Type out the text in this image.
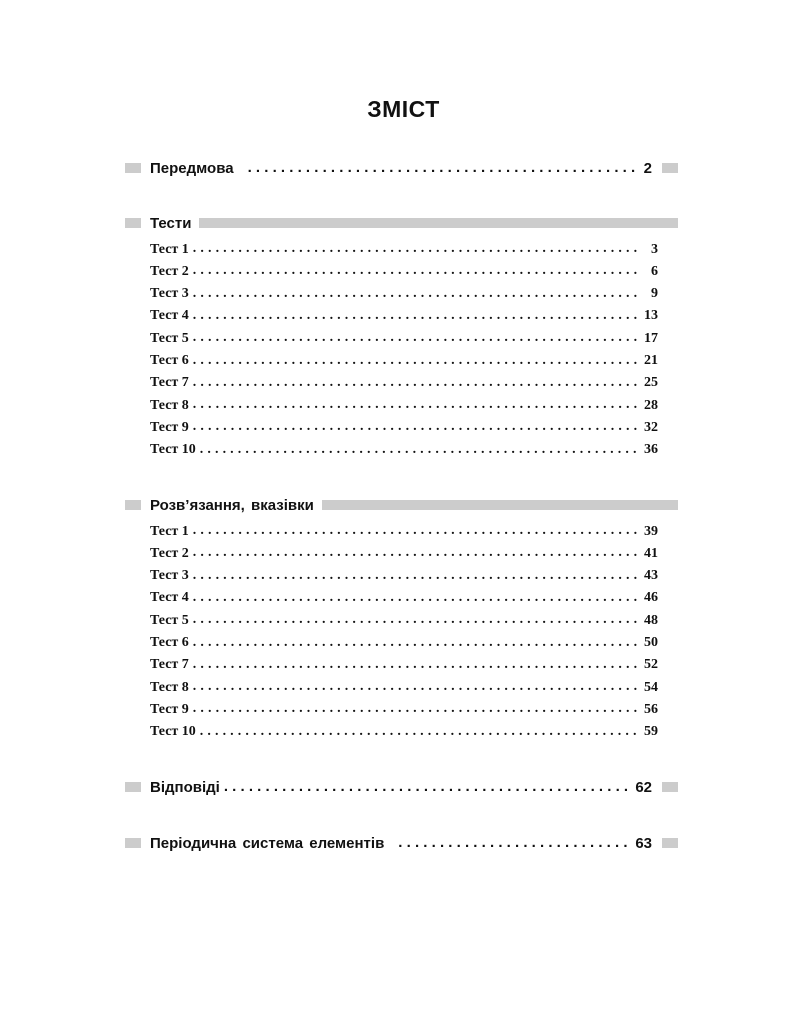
ЗМІСТ
Передмова . . .	2
Тести
Тест 1 . . .	3
Тест 2 . . .	6
Тест 3 . . .	9
Тест 4 . . .	13
Тест 5 . . .	17
Тест 6 . . .	21
Тест 7 . . .	25
Тест 8 . . .	28
Тест 9 . . .	32
Тест 10 . . .	36
Розв’язання, вказівки
Тест 1 . . .	39
Тест 2 . . .	41
Тест 3 . . .	43
Тест 4 . . .	46
Тест 5 . . .	48
Тест 6 . . .	50
Тест 7 . . .	52
Тест 8 . . .	54
Тест 9 . . .	56
Тест 10 . . .	59
Відповіді . . .	62
Періодична система елементів . . .	63
